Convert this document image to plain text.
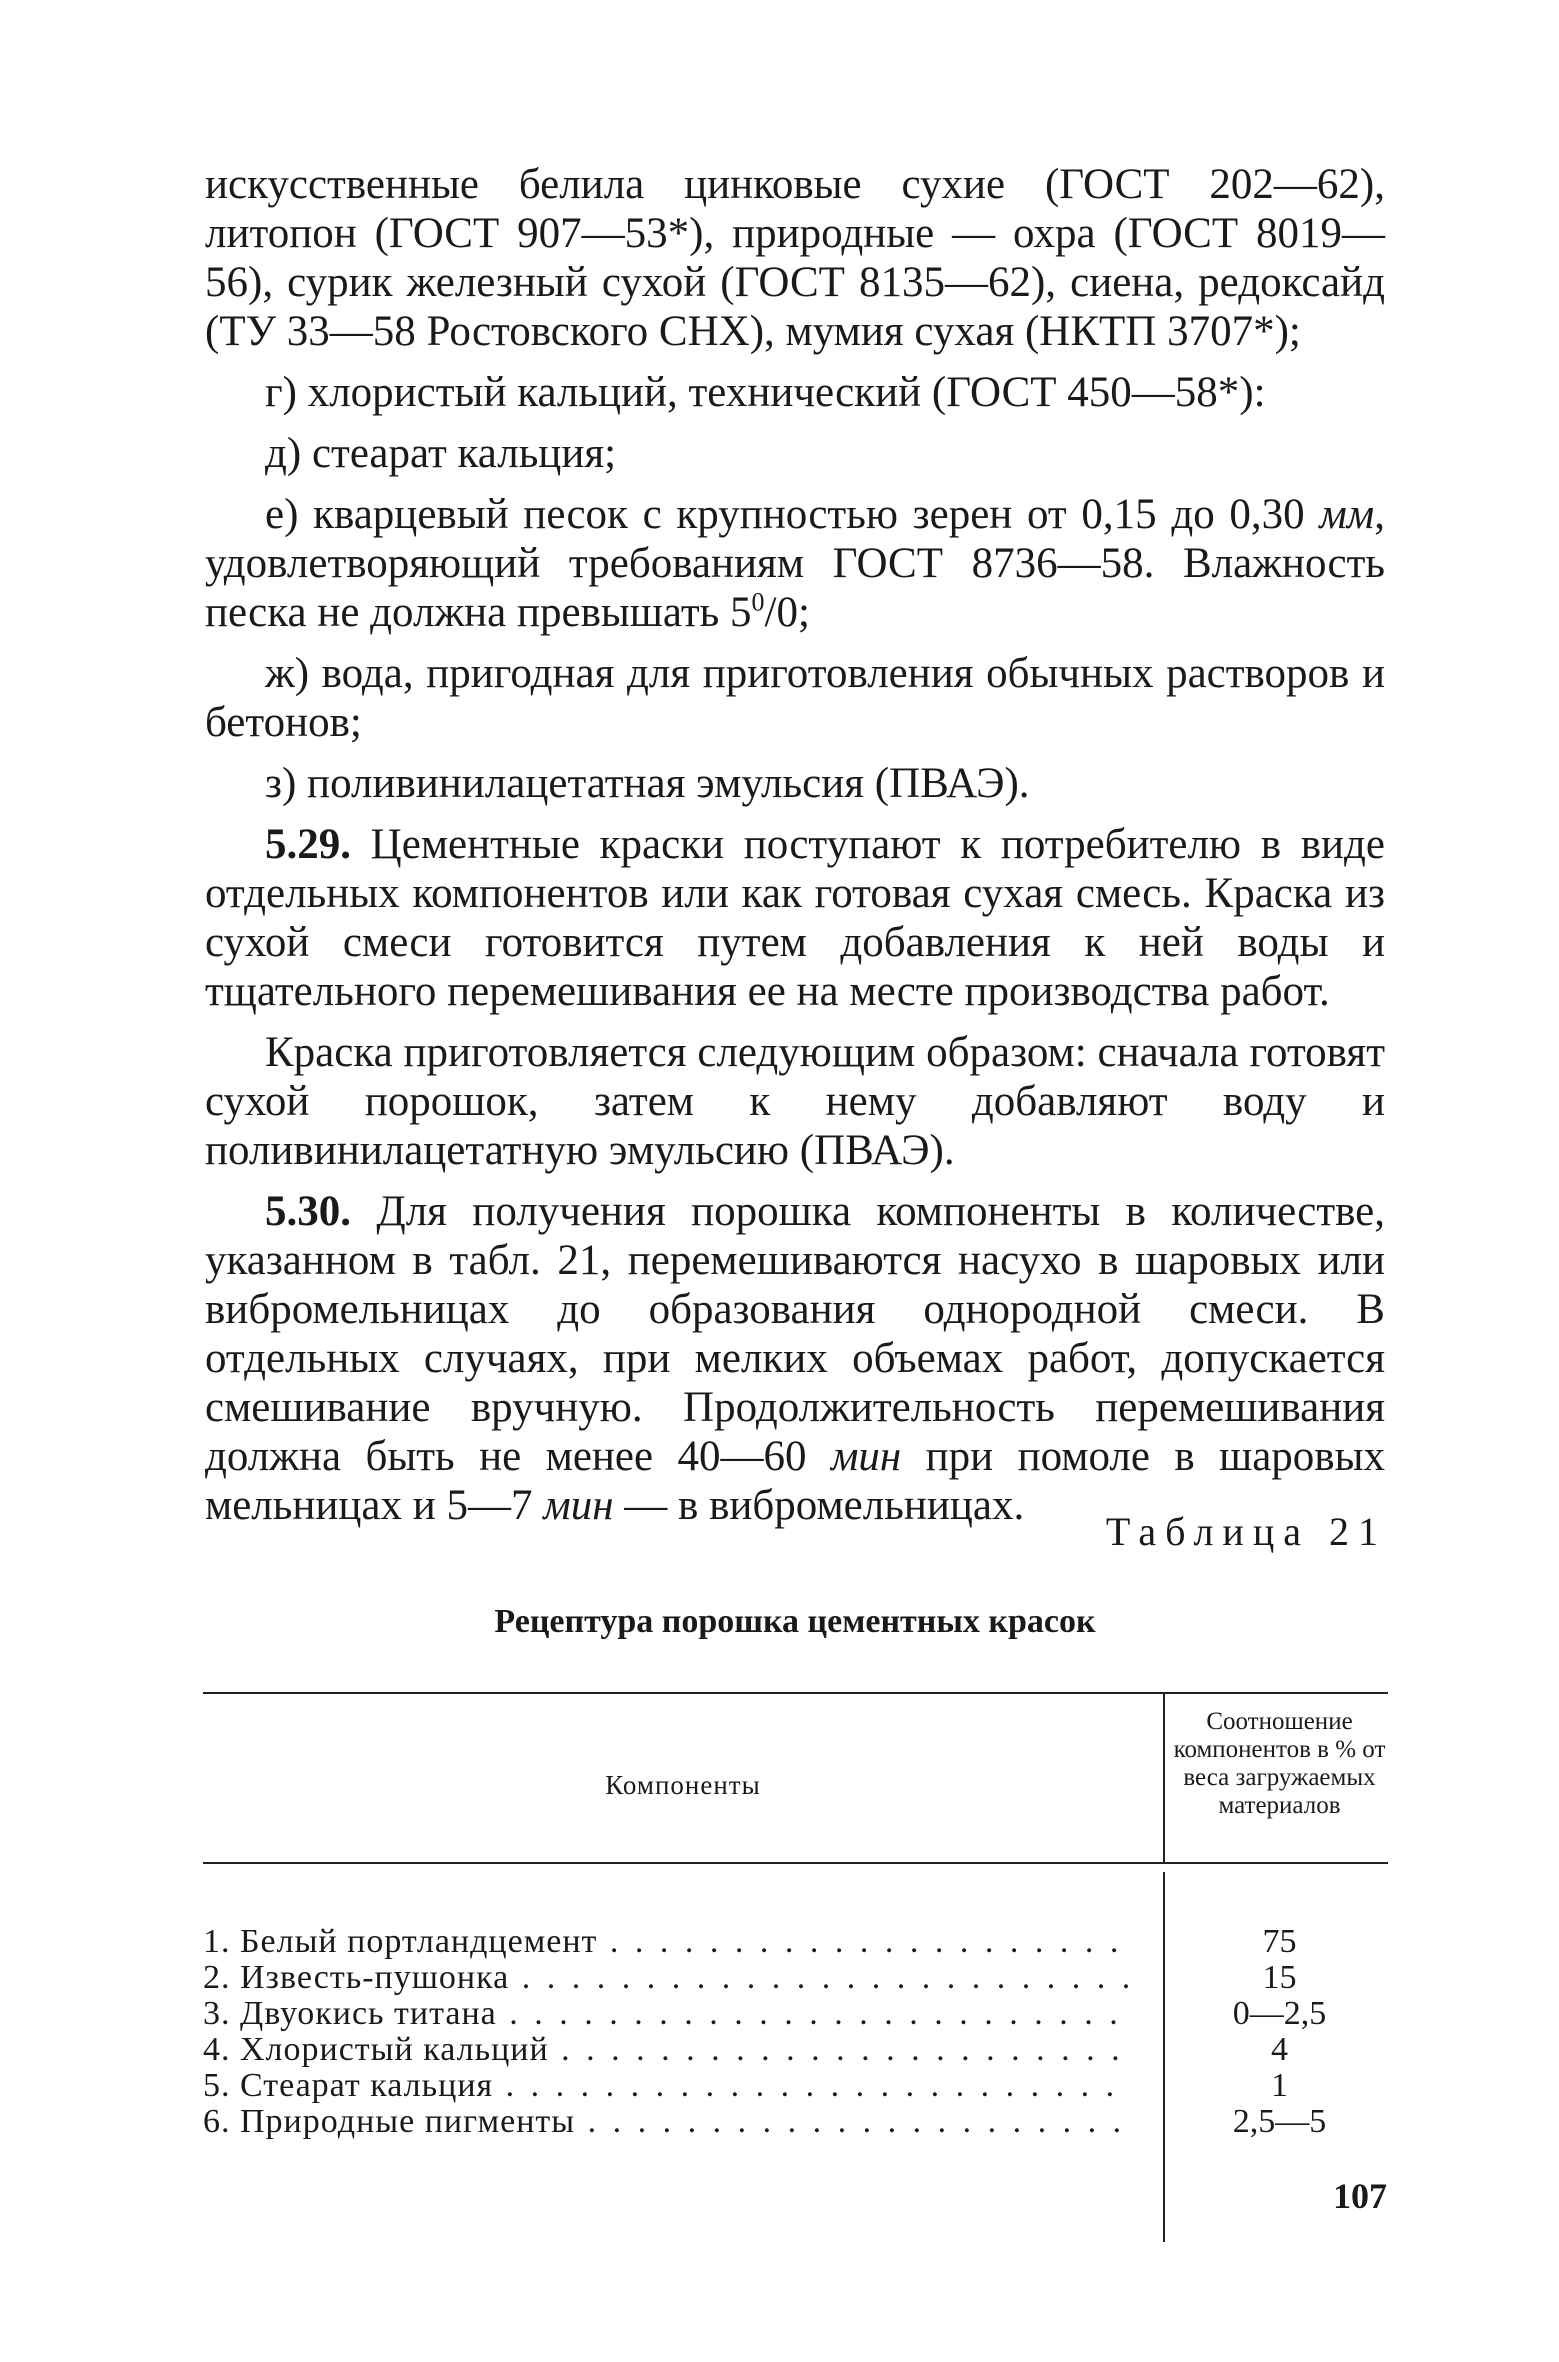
искусственные белила цинковые сухие (ГОСТ 202—62), литопон (ГОСТ 907—53*), природные — охра (ГОСТ 8019—56), сурик железный сухой (ГОСТ 8135—62), сиена, редоксайд (ТУ 33—58 Ростовского СНХ), мумия сухая (НКТП 3707*);

г) хлористый кальций, технический (ГОСТ 450—58*):

д) стеарат кальция;

е) кварцевый песок с крупностью зерен от 0,15 до 0,30 мм, удовлетворяющий требованиям ГОСТ 8736—58. Влажность песка не должна превышать $5^0/0$;

ж) вода, пригодная для приготовления обычных растворов и бетонов;

з) поливинилацетатная эмульсия (ПВАЭ).

5.29. Цементные краски поступают к потребителю в виде отдельных компонентов или как готовая сухая смесь. Краска из сухой смеси готовится путем добавления к ней воды и тщательного перемешивания ее на месте производства работ.

Краска приготовляется следующим образом: сначала готовят сухой порошок, затем к нему добавляют воду и поливинилацетатную эмульсию (ПВАЭ).

5.30. Для получения порошка компоненты в количестве, указанном в табл. 21, перемешиваются насухо в шаровых или вибромельницах до образования однородной смеси. В отдельных случаях, при мелких объемах работ, допускается смешивание вручную. Продолжительность перемешивания должна быть не менее 40—60 мин при помоле в шаровых мельницах и 5—7 мин — в вибромельницах.

Таблица 21
Рецептура порошка цементных красок
Компоненты
Соотношение компонентов в % от веса загружаемых материалов
1. Белый портландцемент . . .	75
2. Известь-пушонка . . .	15
3. Двуокись титана . . .	0—2,5
4. Хлористый кальций . . .	4
5. Стеарат кальция . . .	1
6. Природные пигменты . . .	2,5—5
107
